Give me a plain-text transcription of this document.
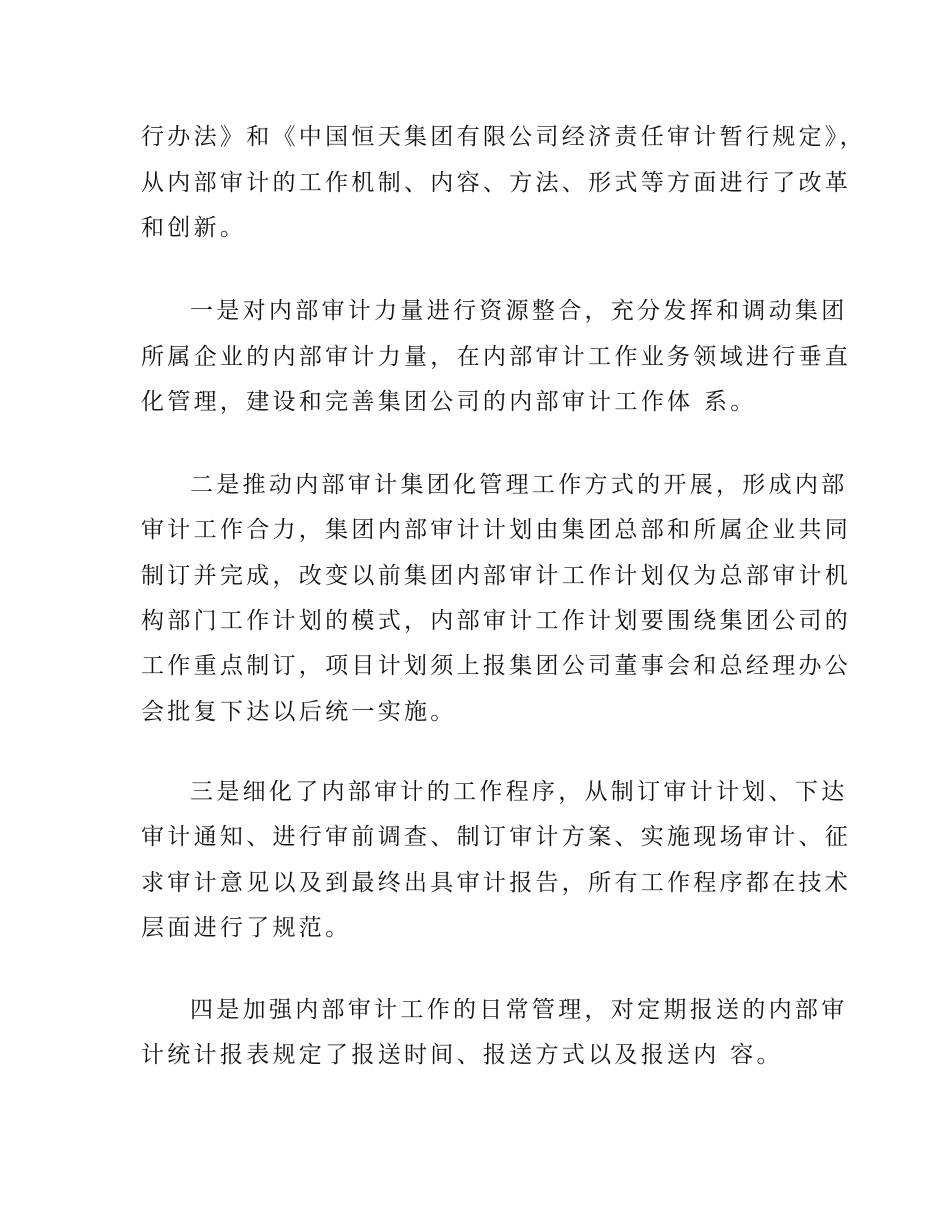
行办法》和《中国恒天集团有限公司经济责任审计暂行规定》，
从内部审计的工作机制、内容、方法、形式等方面进行了改革
和创新。
一是对内部审计力量进行资源整合，充分发挥和调动集团
所属企业的内部审计力量，在内部审计工作业务领域进行垂直
化管理，建设和完善集团公司的内部审计工作体 系。
二是推动内部审计集团化管理工作方式的开展，形成内部
审计工作合力，集团内部审计计划由集团总部和所属企业共同
制订并完成，改变以前集团内部审计工作计划仅为总部审计机
构部门工作计划的模式，内部审计工作计划要围绕集团公司的
工作重点制订，项目计划须上报集团公司董事会和总经理办公
会批复下达以后统一实施。
三是细化了内部审计的工作程序，从制订审计计划、下达
审计通知、进行审前调查、制订审计方案、实施现场审计、征
求审计意见以及到最终出具审计报告，所有工作程序都在技术
层面进行了规范。
四是加强内部审计工作的日常管理，对定期报送的内部审
计统计报表规定了报送时间、报送方式以及报送内 容。
